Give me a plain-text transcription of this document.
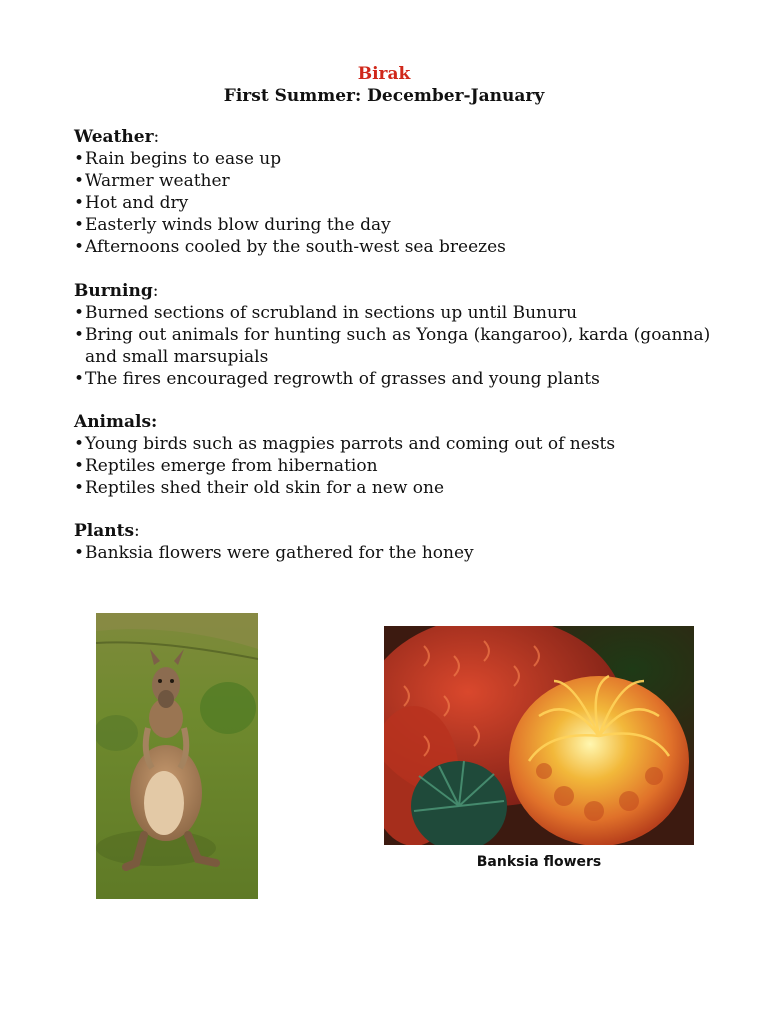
Birak
First Summer: December-January
Weather:
• Rain begins to ease up
• Warmer weather
• Hot and dry
• Easterly winds blow during the day
• Afternoons cooled by the south-west sea breezes
Burning:
• Burned sections of scrubland in sections up until Bunuru
• Bring out animals for hunting such as Yonga (kangaroo), karda (goanna) and small marsupials
• The fires encouraged regrowth of grasses and young plants
Animals:
• Young birds such as magpies parrots and coming out of nests
• Reptiles emerge from hibernation
• Reptiles shed their old skin for a new one
Plants:
• Banksia flowers were gathered for the honey
Banksia flowers
